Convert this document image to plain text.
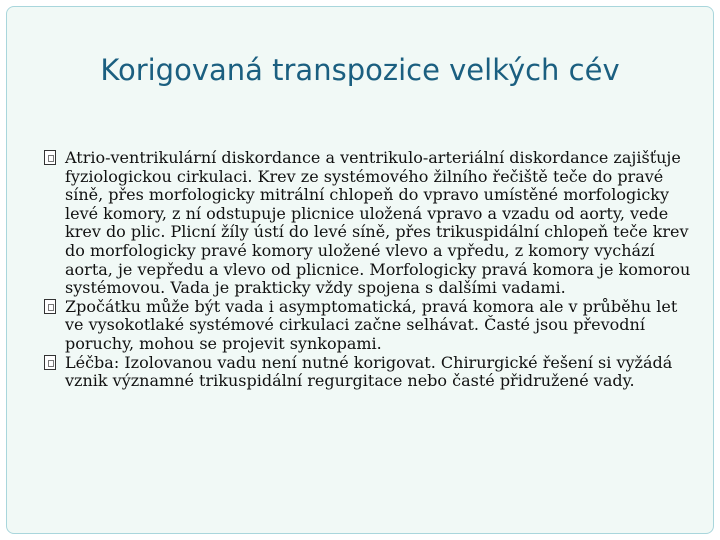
Korigovaná transpozice velkých cév

Atrio-ventrikulární diskordance a ventrikulo-arteriální diskordance zajišťuje fyziologickou cirkulaci. Krev ze systémového žilního řečiště teče do pravé síně, přes morfologicky mitrální chlopeň do vpravo umístěné morfologicky levé komory, z ní odstupuje plicnice uložená vpravo a vzadu od aorty, vede krev do plic. Plicní žíly ústí do levé síně, přes trikuspidální chlopeň teče krev do morfologicky pravé komory uložené vlevo a vpředu, z komory vychází aorta, je vepředu a vlevo od plicnice. Morfologicky pravá komora je komorou systémovou. Vada je prakticky vždy spojena s dalšími vadami.

Zpočátku může být vada i asymptomatická, pravá komora ale v průběhu let ve vysokotlaké systémové cirkulaci začne selhávat. Časté jsou převodní poruchy, mohou se projevit synkopami.

Léčba: Izolovanou vadu není nutné korigovat. Chirurgické řešení si vyžádá vznik významné trikuspidální regurgitace nebo časté přidružené vady.
